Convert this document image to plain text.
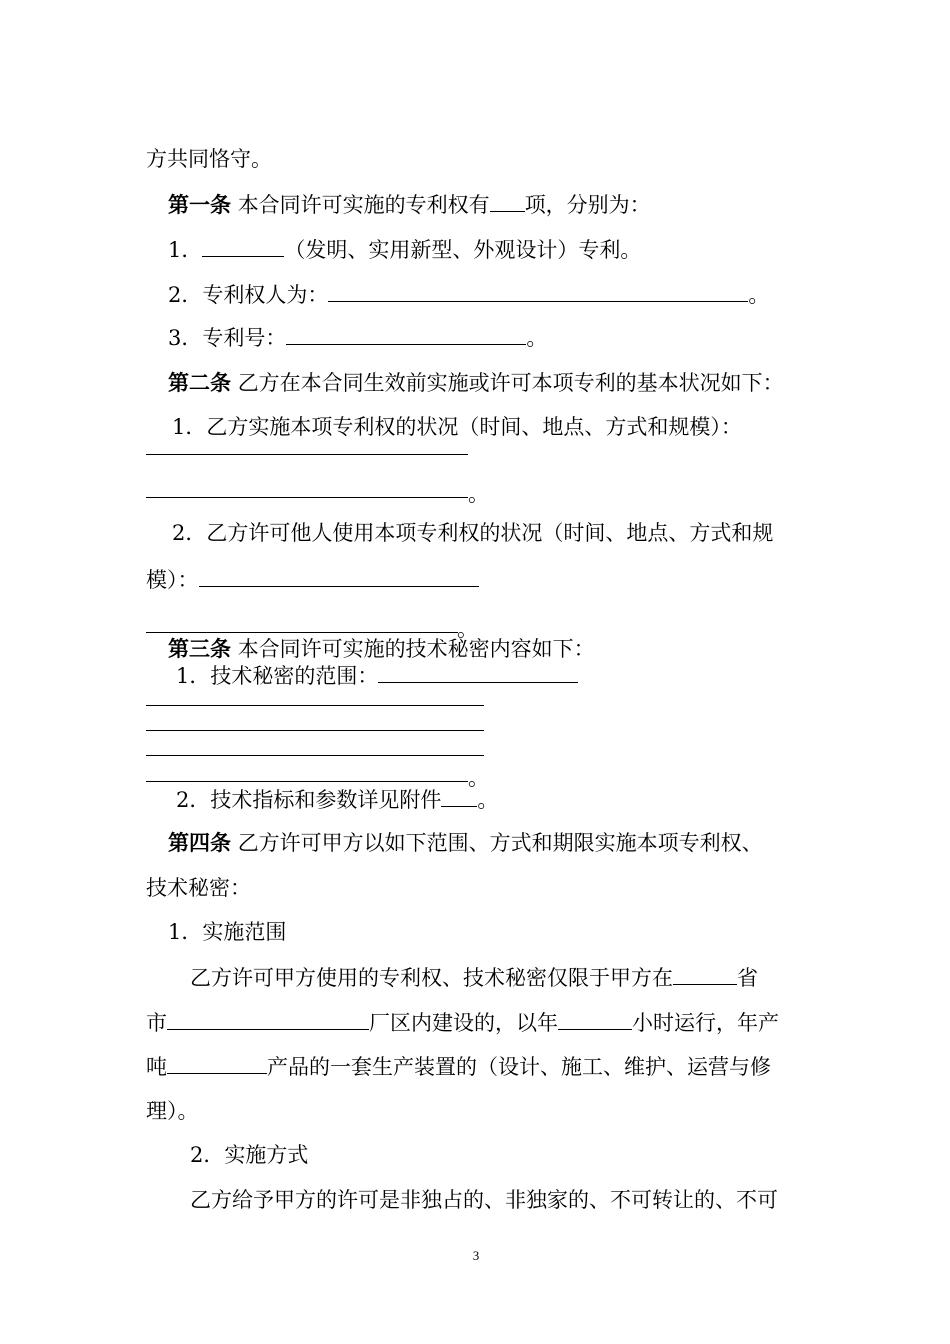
方共同恪守。
第一条 本合同许可实施的专利权有 项，分别为：
1．	（发明、实用新型、外观设计）专利。
2．专利权人为：	。
3．专利号：	。
第二条 乙方在本合同生效前实施或许可本项专利的基本状况如下：
1．乙方实施本项专利权的状况（时间、地点、方式和规模）：
。
2．乙方许可他人使用本项专利权的状况（时间、地点、方式和规
模）：
。
第三条 本合同许可实施的技术秘密内容如下：
1．技术秘密的范围：
。
2．技术指标和参数详见附件 。
第四条 乙方许可甲方以如下范围、方式和期限实施本项专利权、
技术秘密：
1．实施范围
乙方许可甲方使用的专利权、技术秘密仅限于甲方在	省
市	厂区内建设的，以年	小时运行，年产
吨	产品的一套生产装置的（设计、施工、维护、运营与修
理）。
2．实施方式
乙方给予甲方的许可是非独占的、非独家的、不可转让的、不可
3
